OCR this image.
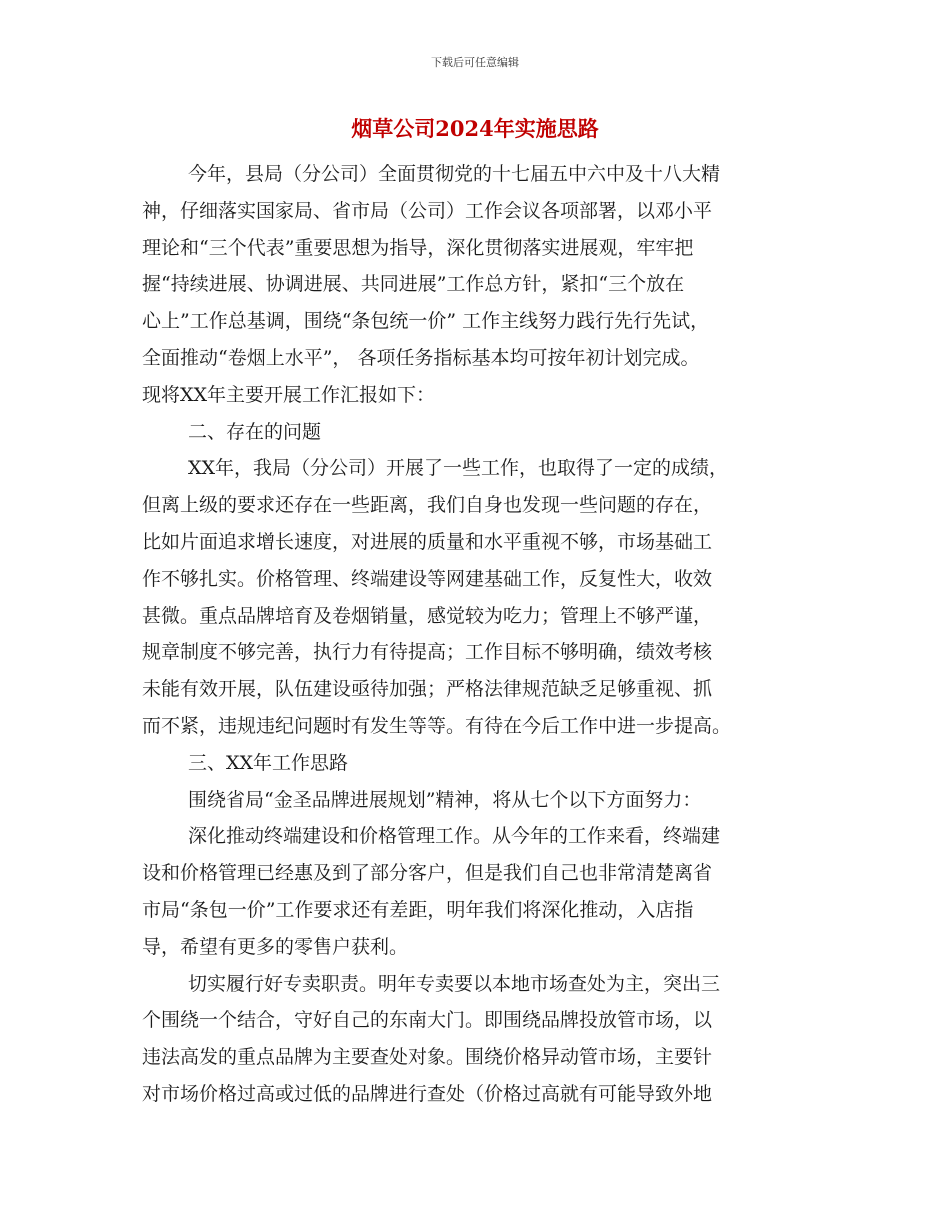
下载后可任意编辑
烟草公司2024年实施思路
今年，县局（分公司）全面贯彻党的十七届五中六中及十八大精
神，仔细落实国家局、省市局（公司）工作会议各项部署，以邓小平
理论和“三个代表”重要思想为指导，深化贯彻落实进展观，牢牢把
握“持续进展、协调进展、共同进展”工作总方针，紧扣“三个放在
心上”工作总基调，围绕“条包统一价” 工作主线努力践行先行先试，
全面推动“卷烟上水平”， 各项任务指标基本均可按年初计划完成。
现将XX年主要开展工作汇报如下：
二、存在的问题
XX年，我局（分公司）开展了一些工作，也取得了一定的成绩，
但离上级的要求还存在一些距离，我们自身也发现一些问题的存在，
比如片面追求增长速度，对进展的质量和水平重视不够，市场基础工
作不够扎实。价格管理、终端建设等网建基础工作，反复性大，收效
甚微。重点品牌培育及卷烟销量，感觉较为吃力；管理上不够严谨，
规章制度不够完善，执行力有待提高；工作目标不够明确，绩效考核
未能有效开展，队伍建设亟待加强；严格法律规范缺乏足够重视、抓
而不紧，违规违纪问题时有发生等等。有待在今后工作中进一步提高。
三、XX年工作思路
围绕省局“金圣品牌进展规划”精神，将从七个以下方面努力：
深化推动终端建设和价格管理工作。从今年的工作来看，终端建
设和价格管理已经惠及到了部分客户，但是我们自己也非常清楚离省
市局“条包一价”工作要求还有差距，明年我们将深化推动，入店指
导，希望有更多的零售户获利。
切实履行好专卖职责。明年专卖要以本地市场查处为主，突出三
个围绕一个结合，守好自己的东南大门。即围绕品牌投放管市场，以
违法高发的重点品牌为主要查处对象。围绕价格异动管市场，主要针
对市场价格过高或过低的品牌进行查处（价格过高就有可能导致外地
